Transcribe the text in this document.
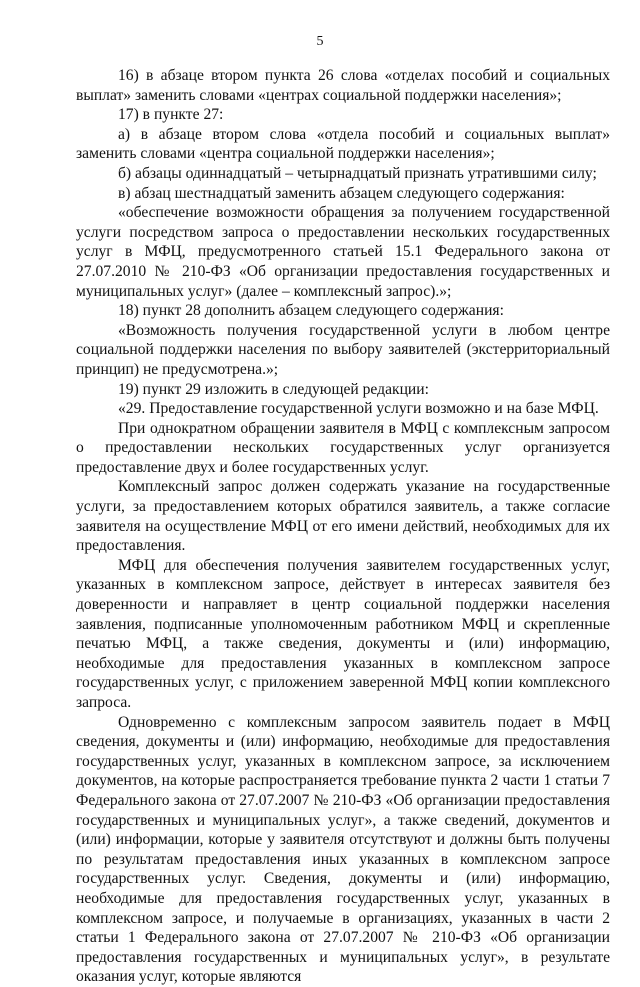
5

16) в абзаце втором пункта 26 слова «отделах пособий и социальных выплат» заменить словами «центрах социальной поддержки населения»;

17) в пункте 27:

а) в абзаце втором слова «отдела пособий и социальных выплат» заменить словами «центра социальной поддержки населения»;

б) абзацы одиннадцатый – четырнадцатый признать утратившими силу;

в) абзац шестнадцатый заменить абзацем следующего содержания:

«обеспечение возможности обращения за получением государственной услуги посредством запроса о предоставлении нескольких государственных услуг в МФЦ, предусмотренного статьей 15.1 Федерального закона от 27.07.2010 № 210-ФЗ «Об организации предоставления государственных и муниципальных услуг» (далее – комплексный запрос).»;

18) пункт 28 дополнить абзацем следующего содержания:

«Возможность получения государственной услуги в любом центре социальной поддержки населения по выбору заявителей (экстерриториальный принцип) не предусмотрена.»;

19) пункт 29 изложить в следующей редакции:

«29. Предоставление государственной услуги возможно и на базе МФЦ.

При однократном обращении заявителя в МФЦ с комплексным запросом о предоставлении нескольких государственных услуг организуется предоставление двух и более государственных услуг.

Комплексный запрос должен содержать указание на государственные услуги, за предоставлением которых обратился заявитель, а также согласие заявителя на осуществление МФЦ от его имени действий, необходимых для их предоставления.

МФЦ для обеспечения получения заявителем государственных услуг, указанных в комплексном запросе, действует в интересах заявителя без доверенности и направляет в центр социальной поддержки населения заявления, подписанные уполномоченным работником МФЦ и скрепленные печатью МФЦ, а также сведения, документы и (или) информацию, необходимые для предоставления указанных в комплексном запросе государственных услуг, с приложением заверенной МФЦ копии комплексного запроса.

Одновременно с комплексным запросом заявитель подает в МФЦ сведения, документы и (или) информацию, необходимые для предоставления государственных услуг, указанных в комплексном запросе, за исключением документов, на которые распространяется требование пункта 2 части 1 статьи 7 Федерального закона от 27.07.2007 № 210-ФЗ «Об организации предоставления государственных и муниципальных услуг», а также сведений, документов и (или) информации, которые у заявителя отсутствуют и должны быть получены по результатам предоставления иных указанных в комплексном запросе государственных услуг. Сведения, документы и (или) информацию, необходимые для предоставления государственных услуг, указанных в комплексном запросе, и получаемые в организациях, указанных в части 2 статьи 1 Федерального закона от 27.07.2007 № 210-ФЗ «Об организации предоставления государственных и муниципальных услуг», в результате оказания услуг, которые являются
